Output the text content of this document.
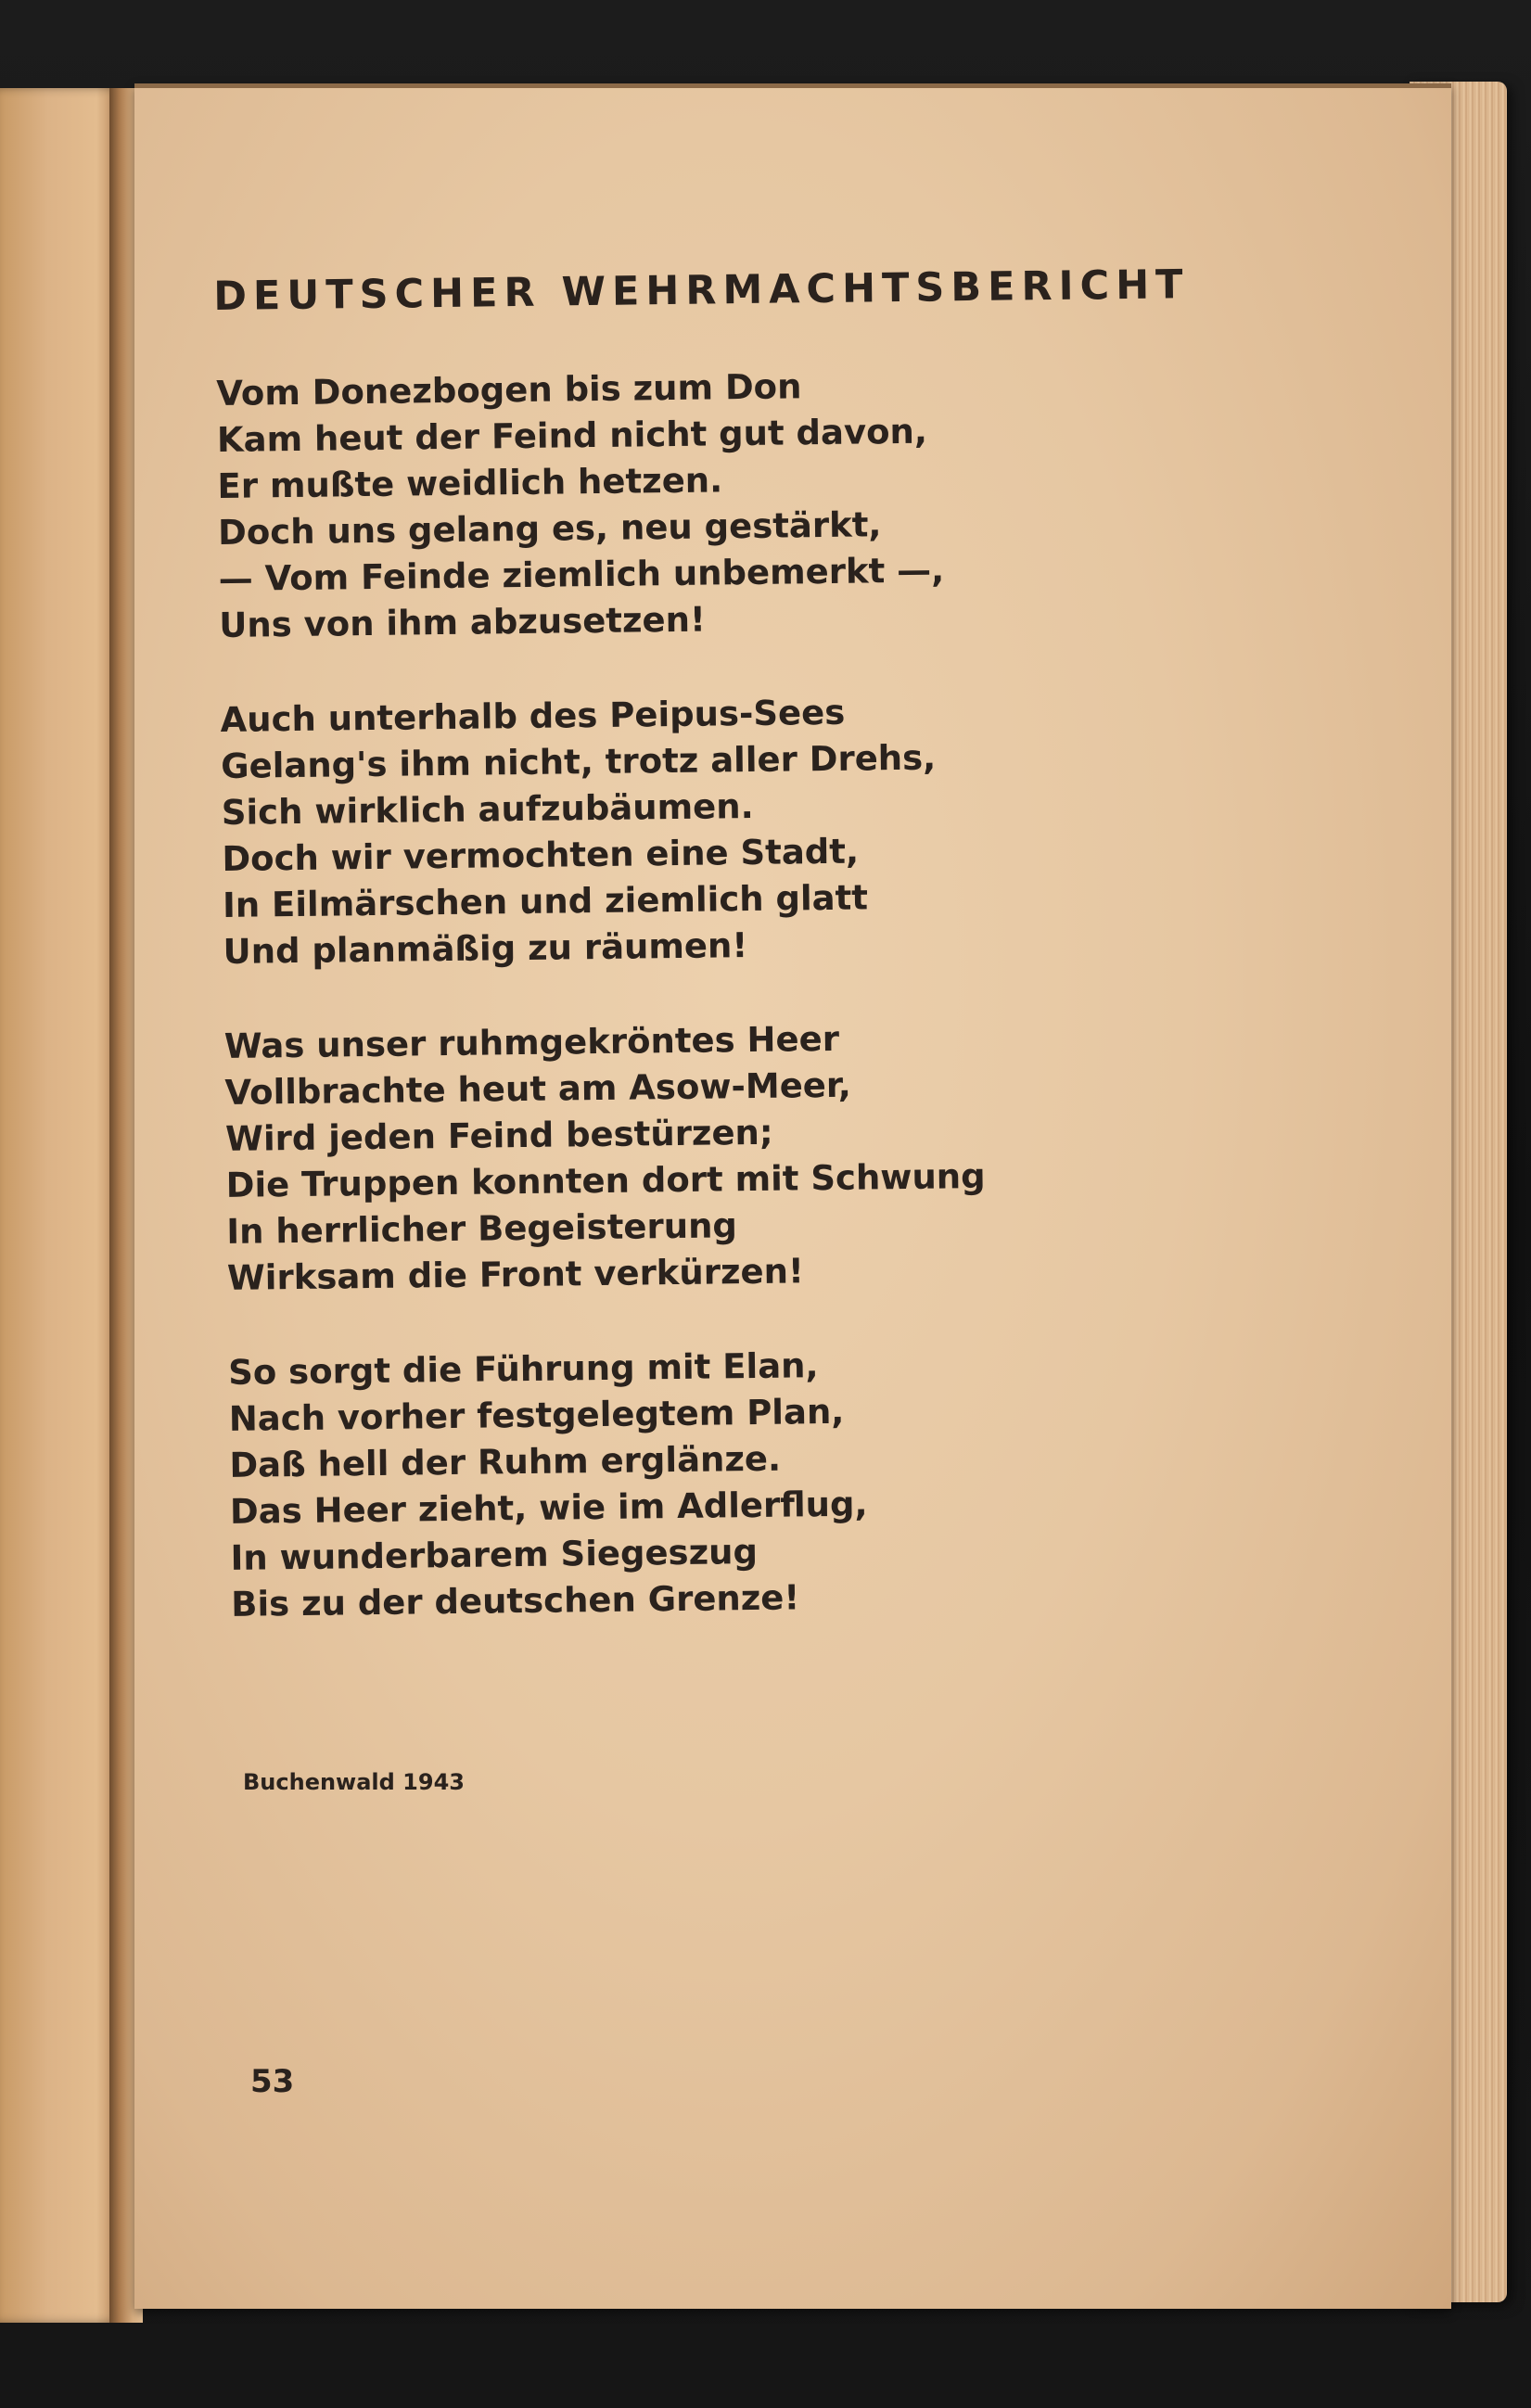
DEUTSCHER WEHRMACHTSBERICHT
Vom Donezbogen bis zum Don
Kam heut der Feind nicht gut davon,
Er mußte weidlich hetzen.
Doch uns gelang es, neu gestärkt,
— Vom Feinde ziemlich unbemerkt —,
Uns von ihm abzusetzen!
Auch unterhalb des Peipus-Sees
Gelang's ihm nicht, trotz aller Drehs,
Sich wirklich aufzubäumen.
Doch wir vermochten eine Stadt,
In Eilmärschen und ziemlich glatt
Und planmäßig zu räumen!
Was unser ruhmgekröntes Heer
Vollbrachte heut am Asow-Meer,
Wird jeden Feind bestürzen;
Die Truppen konnten dort mit Schwung
In herrlicher Begeisterung
Wirksam die Front verkürzen!
So sorgt die Führung mit Elan,
Nach vorher festgelegtem Plan,
Daß hell der Ruhm erglänze.
Das Heer zieht, wie im Adlerflug,
In wunderbarem Siegeszug
Bis zu der deutschen Grenze!
Buchenwald 1943
53
